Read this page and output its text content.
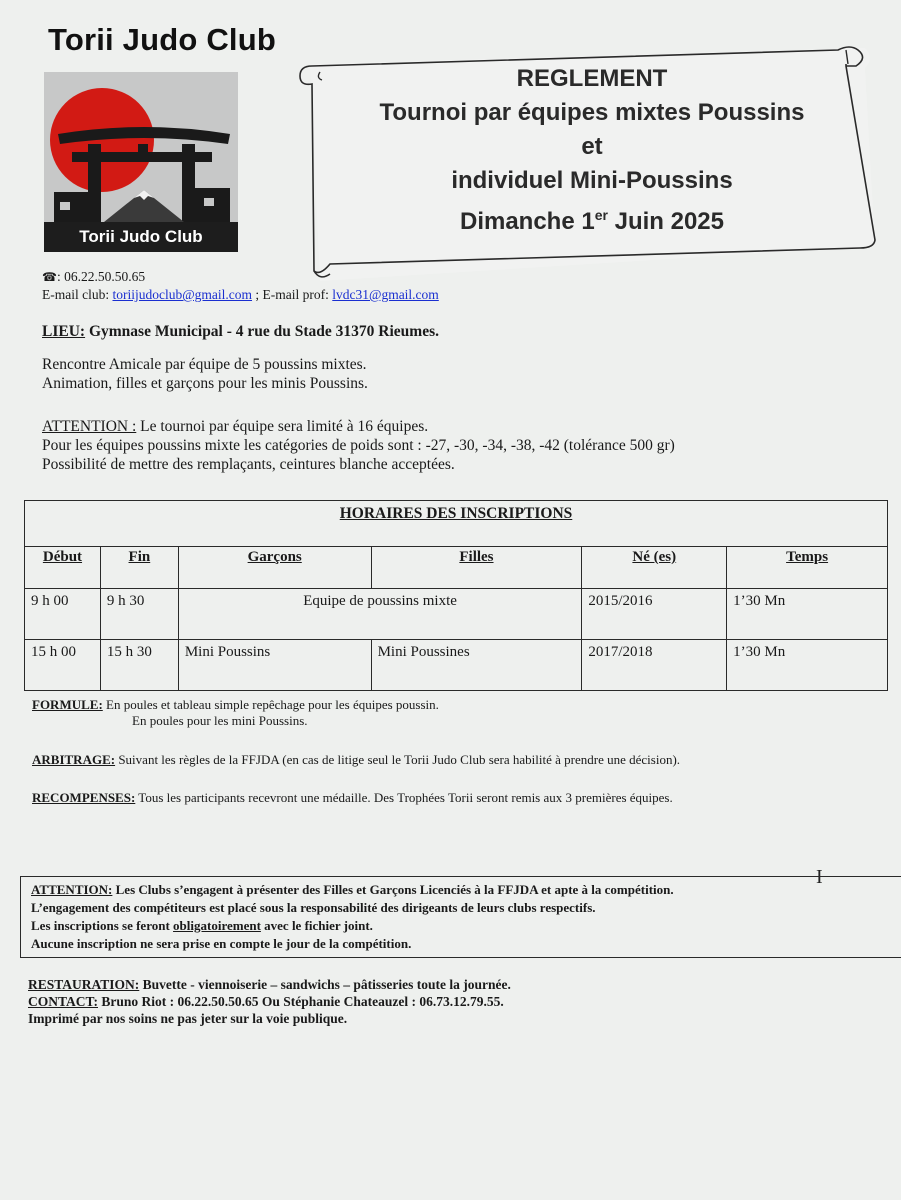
Torii Judo Club
Torii Judo Club
REGLEMENT
Tournoi par équipes mixtes Poussins
et
individuel Mini-Poussins
Dimanche 1er Juin 2025
☎: 06.22.50.50.65
E-mail club: toriijudoclub@gmail.com ; E-mail prof: lvdc31@gmail.com
LIEU: Gymnase Municipal - 4 rue du Stade 31370 Rieumes.
Rencontre Amicale par équipe de 5 poussins mixtes.
Animation, filles et garçons pour les minis Poussins.
ATTENTION : Le tournoi par équipe sera limité à 16 équipes.
Pour les équipes poussins mixte les catégories de poids sont : -27, -30, -34, -38, -42 (tolérance 500 gr)
Possibilité de mettre des remplaçants, ceintures blanche acceptées.
HORAIRES DES INSCRIPTIONS					
Début	Fin	Garçons	Filles	Né (es)	Temps
9 h 00	9 h 30	Equipe de poussins mixte		2015/2016	1’30 Mn
15 h 00	15 h 30	Mini Poussins	Mini Poussines	2017/2018	1’30 Mn
FORMULE: En poules et tableau simple repêchage pour les équipes poussin.
En poules pour les mini Poussins.
ARBITRAGE: Suivant les règles de la FFJDA (en cas de litige seul le Torii Judo Club sera habilité à prendre une décision).
RECOMPENSES: Tous les participants recevront une médaille. Des Trophées Torii seront remis aux 3 premières équipes.
I
ATTENTION: Les Clubs s’engagent à présenter des Filles et Garçons Licenciés à la FFJDA et apte à la compétition.
L’engagement des compétiteurs est placé sous la responsabilité des dirigeants de leurs clubs respectifs.
Les inscriptions se feront obligatoirement avec le fichier joint.
Aucune inscription ne sera prise en compte le jour de la compétition.
RESTAURATION: Buvette - viennoiserie – sandwichs – pâtisseries toute la journée.
CONTACT: Bruno Riot : 06.22.50.50.65 Ou Stéphanie Chateauzel : 06.73.12.79.55.
Imprimé par nos soins ne pas jeter sur la voie publique.
